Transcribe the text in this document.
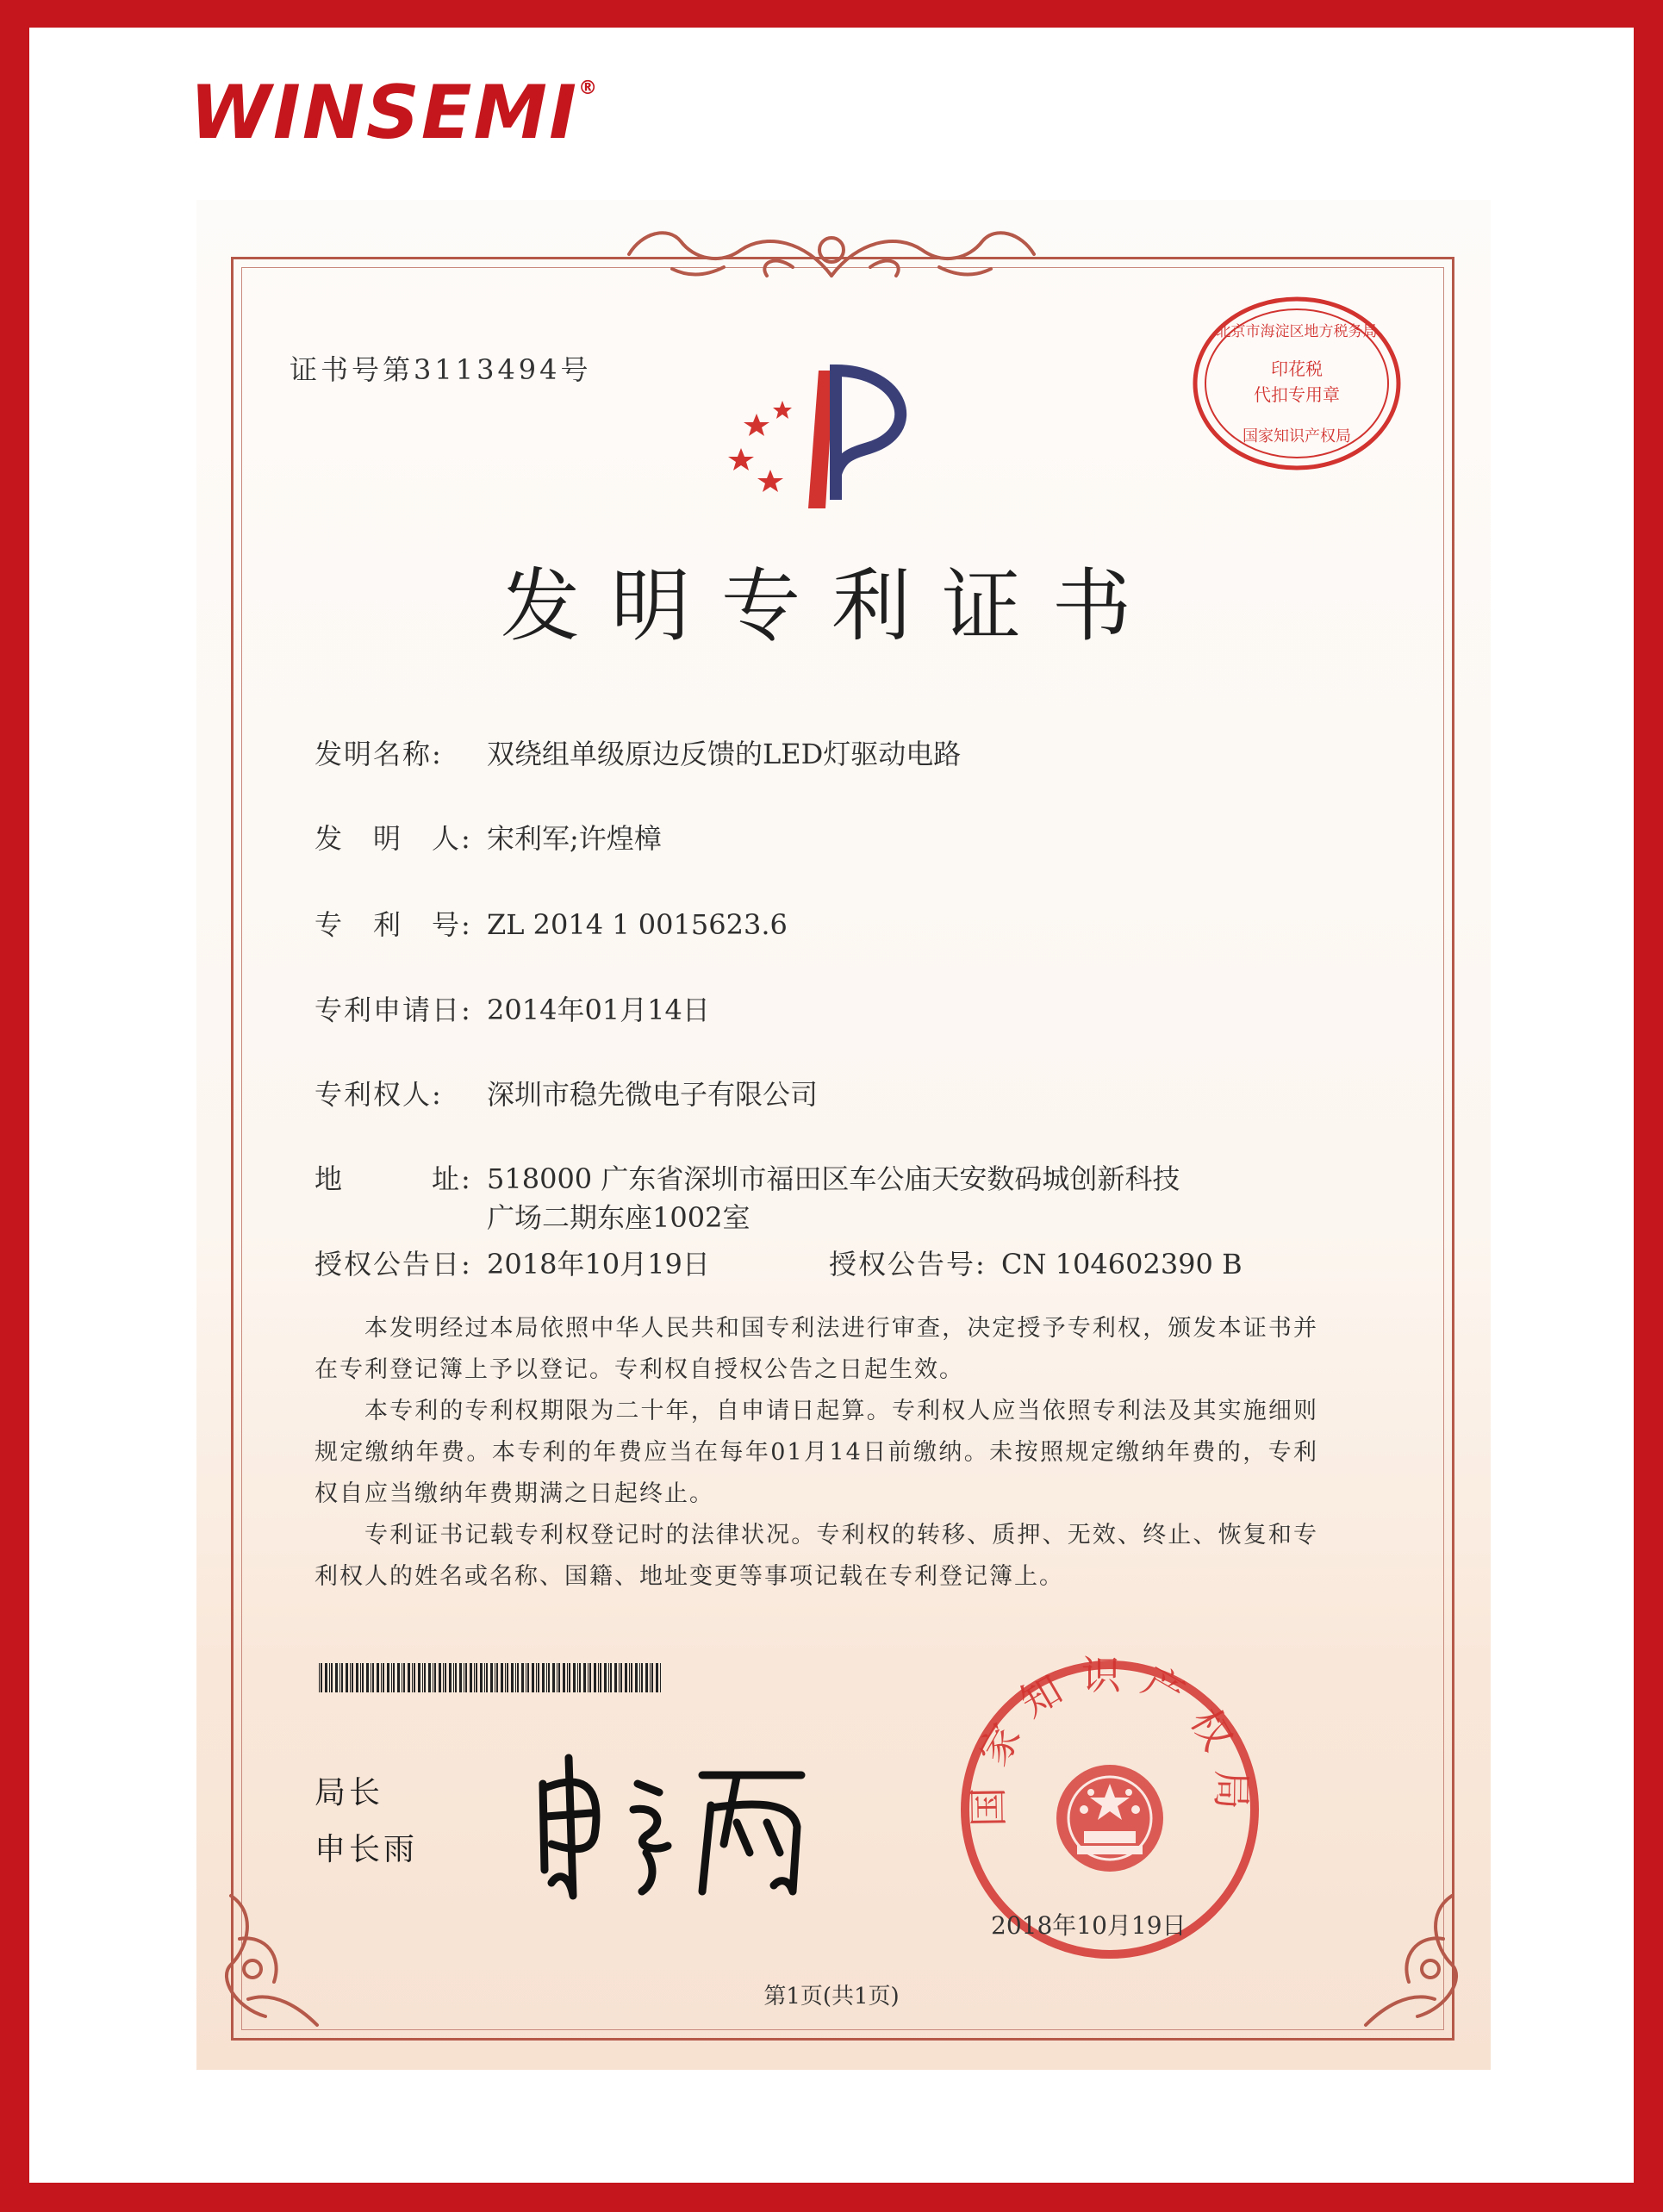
WINSEMI®
证书号第3113494号	印花税
代扣专用章
国家知识产权局
北京市海淀区地方税务局
发明专利证书
发明名称: 双绕组单级原边反馈的LED灯驱动电路
发　明　人: 宋利军;许煌樟
专　利　号: ZL 2014 1 0015623.6
专利申请日: 2014年01月14日
专利权人: 深圳市稳先微电子有限公司
地　　　址: 518000 广东省深圳市福田区车公庙天安数码城创新科技
广场二期东座1002室
授权公告日: 2018年10月19日	授权公告号: CN 104602390 B
本发明经过本局依照中华人民共和国专利法进行审查，决定授予专利权，颁发本证书并在专利登记簿上予以登记。专利权自授权公告之日起生效。
本专利的专利权期限为二十年，自申请日起算。专利权人应当依照专利法及其实施细则规定缴纳年费。本专利的年费应当在每年01月14日前缴纳。未按照规定缴纳年费的，专利权自应当缴纳年费期满之日起终止。
专利证书记载专利权登记时的法律状况。专利权的转移、质押、无效、终止、恢复和专利权人的姓名或名称、国籍、地址变更等事项记载在专利登记簿上。
局长
申长雨
国家知识产权局
2018年10月19日
第1页(共1页)
